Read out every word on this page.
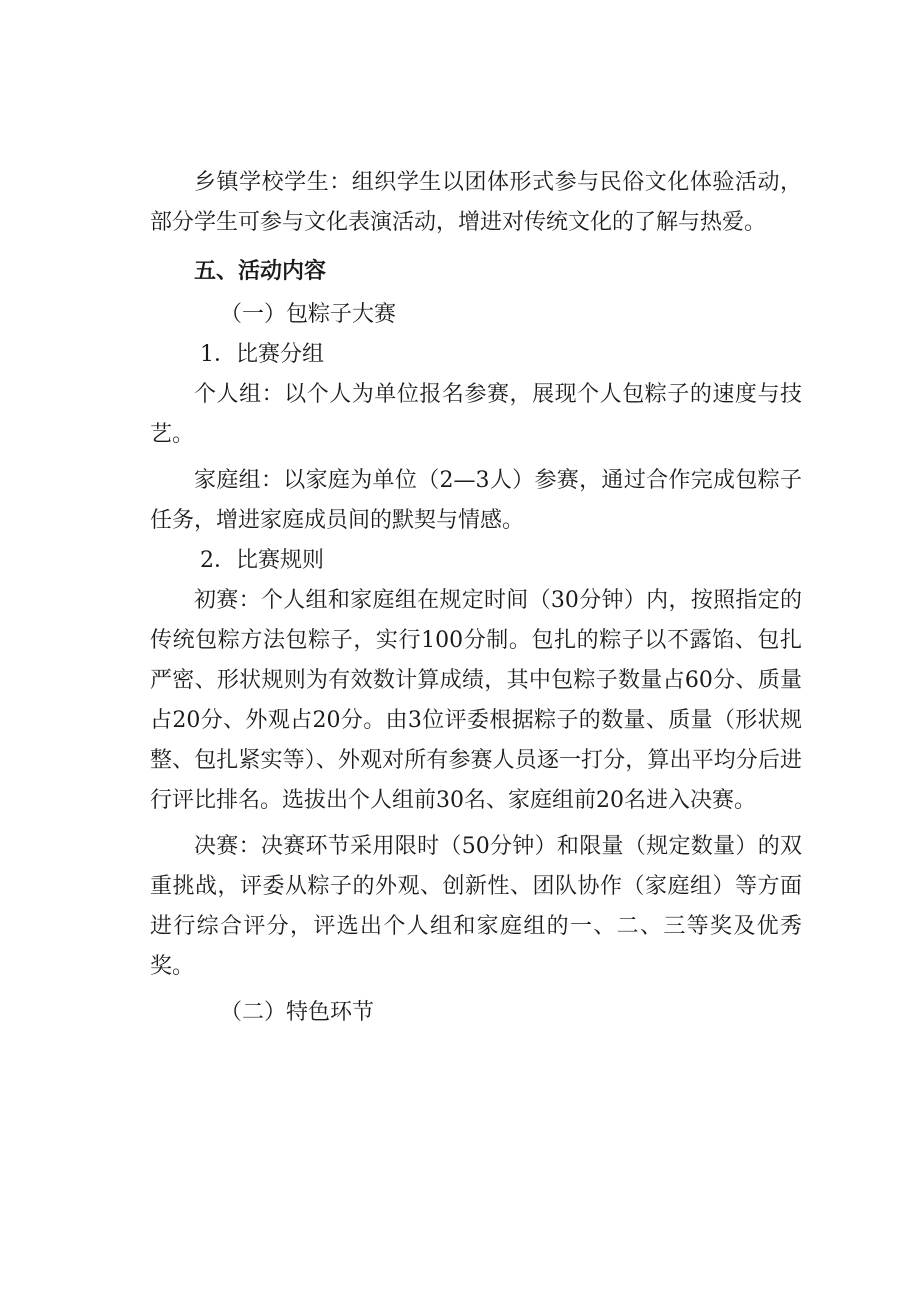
乡镇学校学生：组织学生以团体形式参与民俗文化体验活动，部分学生可参与文化表演活动，增进对传统文化的了解与热爱。

五、活动内容

（一）包粽子大赛

1．比赛分组

个人组：以个人为单位报名参赛，展现个人包粽子的速度与技艺。

家庭组：以家庭为单位（2—3人）参赛，通过合作完成包粽子任务，增进家庭成员间的默契与情感。

2．比赛规则

初赛：个人组和家庭组在规定时间（30分钟）内，按照指定的传统包粽方法包粽子，实行100分制。包扎的粽子以不露馅、包扎严密、形状规则为有效数计算成绩，其中包粽子数量占60分、质量占20分、外观占20分。由3位评委根据粽子的数量、质量（形状规整、包扎紧实等）、外观对所有参赛人员逐一打分，算出平均分后进行评比排名。选拔出个人组前30名、家庭组前20名进入决赛。

决赛：决赛环节采用限时（50分钟）和限量（规定数量）的双重挑战，评委从粽子的外观、创新性、团队协作（家庭组）等方面进行综合评分，评选出个人组和家庭组的一、二、三等奖及优秀奖。

（二）特色环节
